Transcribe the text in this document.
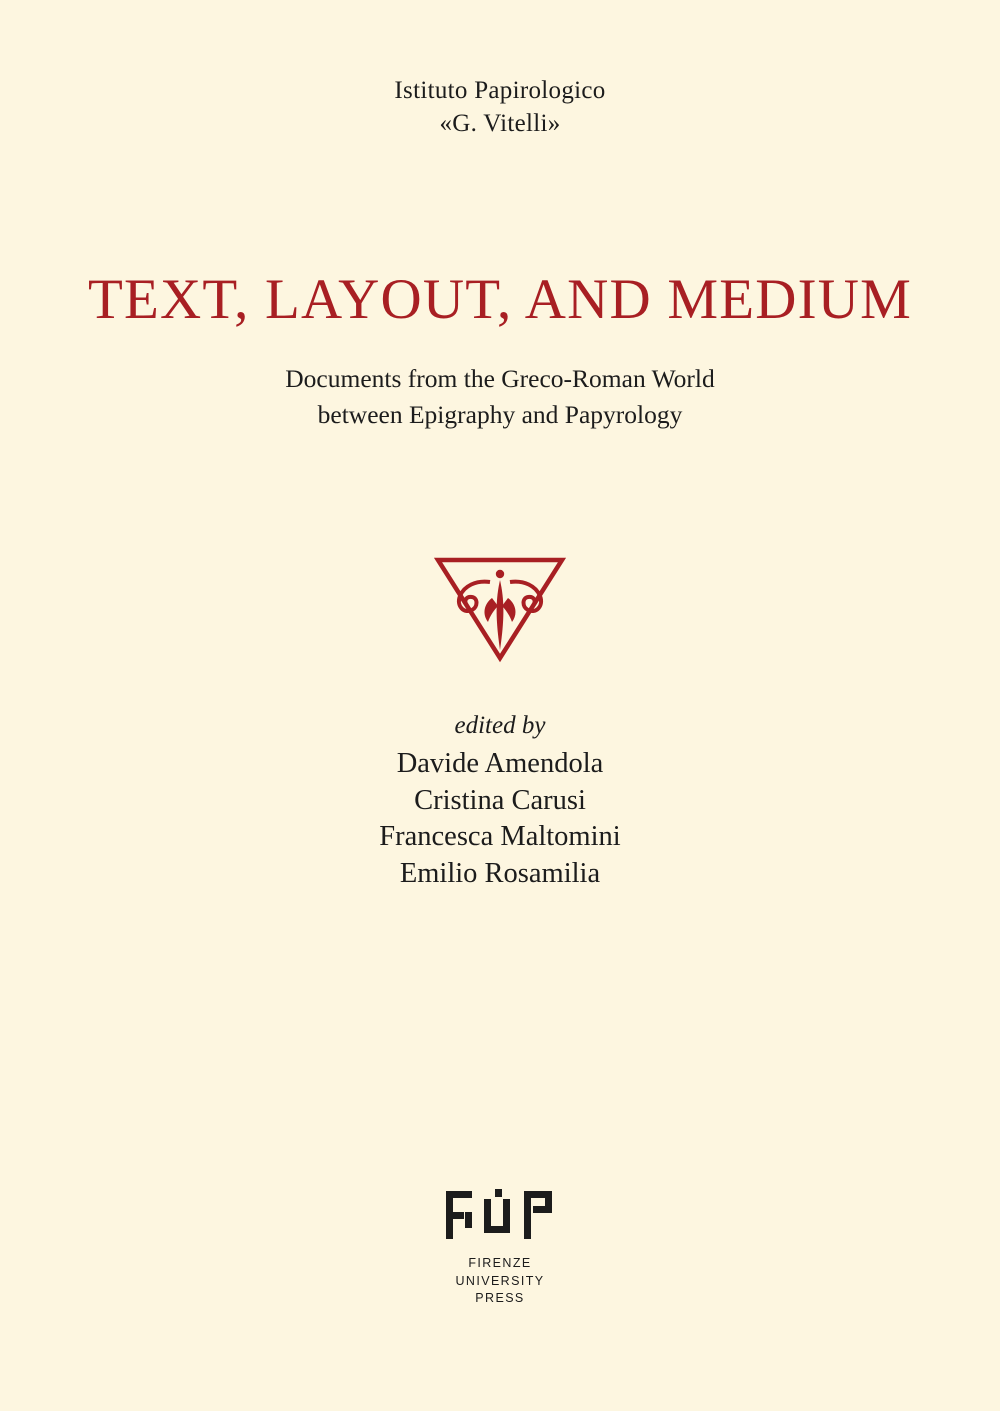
Istituto Papirologico
«G. Vitelli»
TEXT, LAYOUT, AND MEDIUM
Documents from the Greco-Roman World
between Epigraphy and Papyrology
edited by
Davide Amendola
Cristina Carusi
Francesca Maltomini
Emilio Rosamilia
FIRENZE
UNIVERSITY
PRESS
